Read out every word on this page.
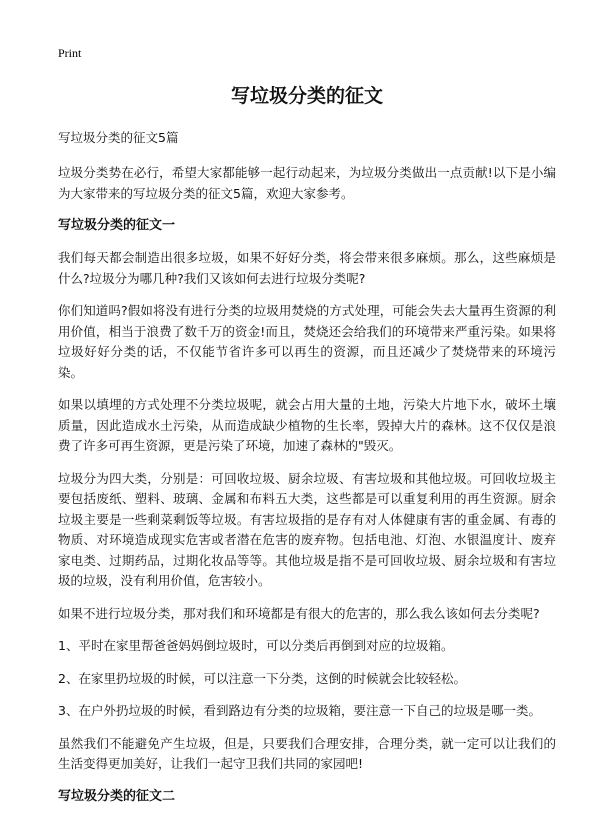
Print
写垃圾分类的征文
写垃圾分类的征文5篇

垃圾分类势在必行，希望大家都能够一起行动起来，为垃圾分类做出一点贡献!以下是小编为大家带来的写垃圾分类的征文5篇，欢迎大家参考。

写垃圾分类的征文一

我们每天都会制造出很多垃圾，如果不好好分类，将会带来很多麻烦。那么，这些麻烦是什么?垃圾分为哪几种?我们又该如何去进行垃圾分类呢?

你们知道吗?假如将没有进行分类的垃圾用焚烧的方式处理，可能会失去大量再生资源的利用价值，相当于浪费了数千万的资金!而且，焚烧还会给我们的环境带来严重污染。如果将垃圾好好分类的话，不仅能节省许多可以再生的资源，而且还减少了焚烧带来的环境污染。

如果以填埋的方式处理不分类垃圾呢，就会占用大量的土地，污染大片地下水，破坏土壤质量，因此造成水土污染，从而造成缺少植物的生长率，毁掉大片的森林。这不仅仅是浪费了许多可再生资源，更是污染了环境，加速了森林的"毁灭。

垃圾分为四大类，分别是：可回收垃圾、厨余垃圾、有害垃圾和其他垃圾。可回收垃圾主要包括废纸、塑料、玻璃、金属和布料五大类，这些都是可以重复利用的再生资源。厨余垃圾主要是一些剩菜剩饭等垃圾。有害垃圾指的是存有对人体健康有害的重金属、有毒的物质、对环境造成现实危害或者潜在危害的废弃物。包括电池、灯泡、水银温度计、废弃家电类、过期药品，过期化妆品等等。其他垃圾是指不是可回收垃圾、厨余垃圾和有害垃圾的垃圾，没有利用价值，危害较小。

如果不进行垃圾分类，那对我们和环境都是有很大的危害的，那么我么该如何去分类呢?

1、平时在家里帮爸爸妈妈倒垃圾时，可以分类后再倒到对应的垃圾箱。

2、在家里扔垃圾的时候，可以注意一下分类，这倒的时候就会比较轻松。

3、在户外扔垃圾的时候，看到路边有分类的垃圾箱，要注意一下自己的垃圾是哪一类。

虽然我们不能避免产生垃圾，但是，只要我们合理安排，合理分类，就一定可以让我们的生活变得更加美好，让我们一起守卫我们共同的家园吧!

写垃圾分类的征文二
